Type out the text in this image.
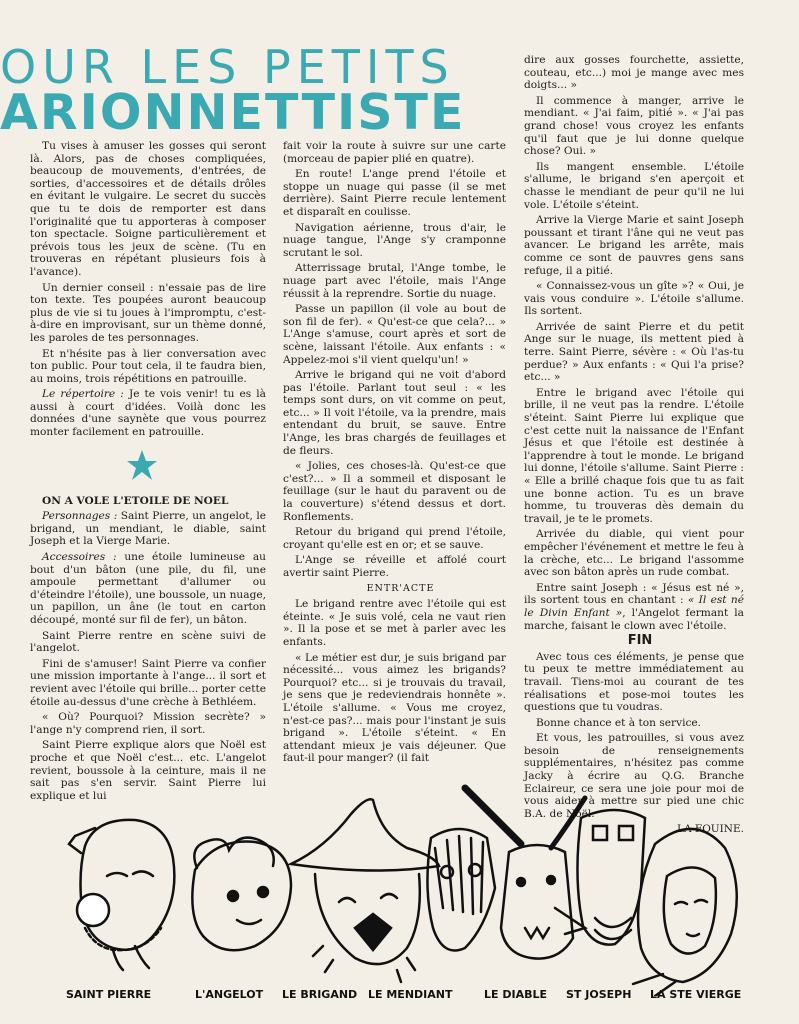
OUR LES PETITS
ARIONNETTISTE

Tu vises à amuser les gosses qui seront là. Alors, pas de choses compliquées, beaucoup de mouvements, d'entrées, de sorties, d'accessoires et de détails drôles en évitant le vulgaire. Le secret du succès que tu te dois de remporter est dans l'originalité que tu apporteras à composer ton spectacle. Soigne particulièrement et prévois tous les jeux de scène. (Tu en trouveras en répétant plusieurs fois à l'avance).

Un dernier conseil : n'essaie pas de lire ton texte. Tes poupées auront beaucoup plus de vie si tu joues à l'impromptu, c'est-à-dire en improvisant, sur un thème donné, les paroles de tes personnages.

Et n'hésite pas à lier conversation avec ton public. Pour tout cela, il te faudra bien, au moins, trois répétitions en patrouille.

Le répertoire : Je te vois venir! tu es là aussi à court d'idées. Voilà donc les données d'une saynète que vous pourrez monter facilement en patrouille.

ON A VOLE L'ETOILE DE NOEL

Personnages : Saint Pierre, un angelot, le brigand, un mendiant, le diable, saint Joseph et la Vierge Marie.

Accessoires : une étoile lumineuse au bout d'un bâton (une pile, du fil, une ampoule permettant d'allumer ou d'éteindre l'étoile), une boussole, un nuage, un papillon, un âne (le tout en carton découpé, monté sur fil de fer), un bâton.

Saint Pierre rentre en scène suivi de l'angelot.

Fini de s'amuser! Saint Pierre va confier une mission importante à l'ange... il sort et revient avec l'étoile qui brille... porter cette étoile au-dessus d'une crèche à Bethléem.

« Où? Pourquoi? Mission secrète? » l'ange n'y comprend rien, il sort.

Saint Pierre explique alors que Noël est proche et que Noël c'est... etc. L'angelot revient, boussole à la ceinture, mais il ne sait pas s'en servir. Saint Pierre lui explique et lui

fait voir la route à suivre sur une carte (morceau de papier plié en quatre).

En route! L'ange prend l'étoile et stoppe un nuage qui passe (il se met derrière). Saint Pierre recule lentement et disparaît en coulisse.

Navigation aérienne, trous d'air, le nuage tangue, l'Ange s'y cramponne scrutant le sol.

Atterrissage brutal, l'Ange tombe, le nuage part avec l'étoile, mais l'Ange réussit à la reprendre. Sortie du nuage.

Passe un papillon (il vole au bout de son fil de fer). « Qu'est-ce que cela?... » L'Ange s'amuse, court après et sort de scène, laissant l'étoile. Aux enfants : « Appelez-moi s'il vient quelqu'un! »

Arrive le brigand qui ne voit d'abord pas l'étoile. Parlant tout seul : « les temps sont durs, on vit comme on peut, etc... » Il voit l'étoile, va la prendre, mais entendant du bruit, se sauve. Entre l'Ange, les bras chargés de feuillages et de fleurs.

« Jolies, ces choses-là. Qu'est-ce que c'est?... » Il a sommeil et disposant le feuillage (sur le haut du paravent ou de la couverture) s'étend dessus et dort. Ronflements.

Retour du brigand qui prend l'étoile, croyant qu'elle est en or; et se sauve.

L'Ange se réveille et affolé court avertir saint Pierre.

ENTR'ACTE

Le brigand rentre avec l'étoile qui est éteinte. « Je suis volé, cela ne vaut rien ». Il la pose et se met à parler avec les enfants.

« Le métier est dur, je suis brigand par nécessité... vous aimez les brigands? Pourquoi? etc... si je trouvais du travail, je sens que je redeviendrais honnête ». L'étoile s'allume. « Vous me croyez, n'est-ce pas?... mais pour l'instant je suis brigand ». L'étoile s'éteint. « En attendant mieux je vais déjeuner. Que faut-il pour manger? (il fait

dire aux gosses fourchette, assiette, couteau, etc...) moi je mange avec mes doigts... »

Il commence à manger, arrive le mendiant. « J'ai faim, pitié ». « J'ai pas grand chose! vous croyez les enfants qu'il faut que je lui donne quelque chose? Oui. »

Ils mangent ensemble. L'étoile s'allume, le brigand s'en aperçoit et chasse le mendiant de peur qu'il ne lui vole. L'étoile s'éteint.

Arrive la Vierge Marie et saint Joseph poussant et tirant l'âne qui ne veut pas avancer. Le brigand les arrête, mais comme ce sont de pauvres gens sans refuge, il a pitié.

« Connaissez-vous un gîte »? « Oui, je vais vous conduire ». L'étoile s'allume. Ils sortent.

Arrivée de saint Pierre et du petit Ange sur le nuage, ils mettent pied à terre. Saint Pierre, sévère : « Où l'as-tu perdue? » Aux enfants : « Qui l'a prise? etc... »

Entre le brigand avec l'étoile qui brille, il ne veut pas la rendre. L'étoile s'éteint. Saint Pierre lui explique que c'est cette nuit la naissance de l'Enfant Jésus et que l'étoile est destinée à l'apprendre à tout le monde. Le brigand lui donne, l'étoile s'allume. Saint Pierre : « Elle a brillé chaque fois que tu as fait une bonne action. Tu es un brave homme, tu trouveras dès demain du travail, je te le promets.

Arrivée du diable, qui vient pour empêcher l'événement et mettre le feu à la crèche, etc... Le brigand l'assomme avec son bâton après un rude combat.

Entre saint Joseph : « Jésus est né », ils sortent tous en chantant : « Il est né le Divin Enfant », l'Angelot fermant la marche, faisant le clown avec l'étoile.

FIN

Avec tous ces éléments, je pense que tu peux te mettre immédiatement au travail. Tiens-moi au courant de tes réalisations et pose-moi toutes les questions que tu voudras.

Bonne chance et à ton service.

Et vous, les patrouilles, si vous avez besoin de renseignements supplémentaires, n'hésitez pas comme Jacky à écrire au Q.G. Branche Eclaireur, ce sera une joie pour moi de vous aider à mettre sur pied une chic B.A. de Noël.

LA FOUINE.

SAINT PIERRE	L'ANGELOT LE BRIGAND LE MENDIANT	LE DIABLE ST JOSEPH LA STE VIERGE
